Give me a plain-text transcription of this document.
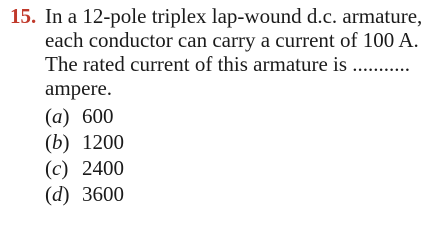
15. In a 12-pole triplex lap-wound d.c. armature,
each conductor can carry a current of 100 A.
The rated current of this armature is ...........
ampere.
(a) 600
(b) 1200
(c) 2400
(d) 3600
